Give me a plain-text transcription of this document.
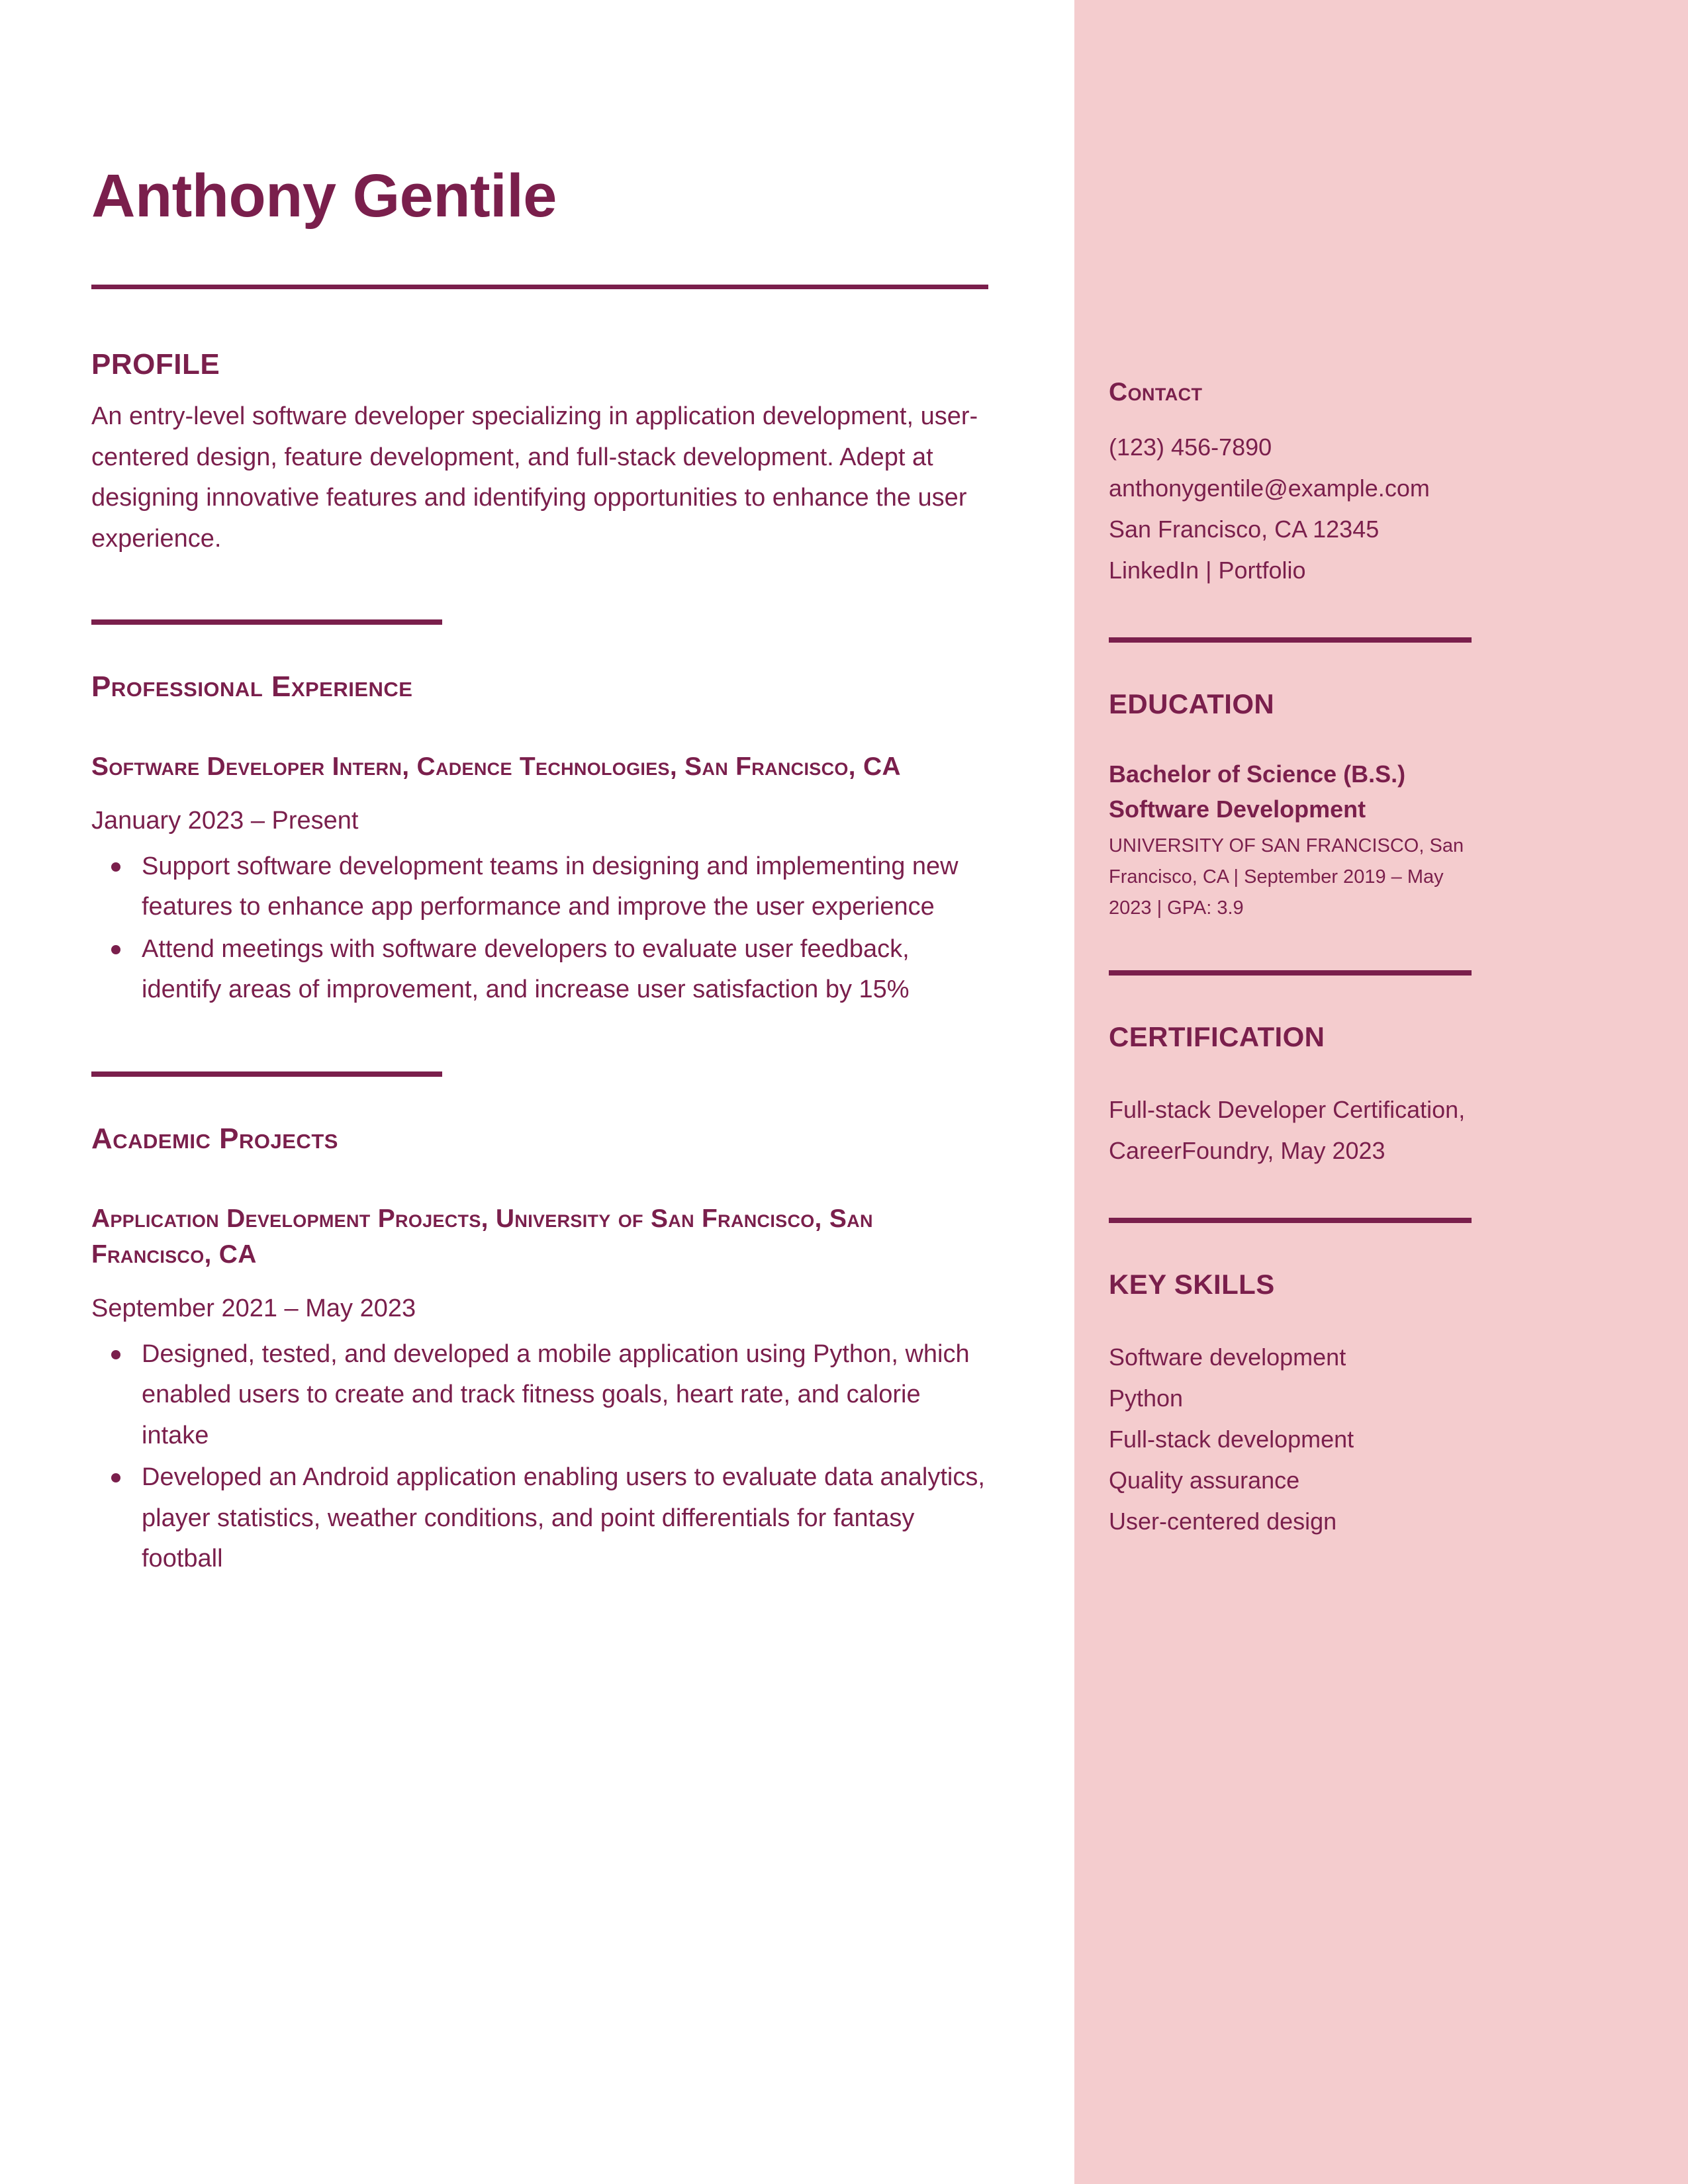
Anthony Gentile
PROFILE

An entry-level software developer specializing in application development, user-centered design, feature development, and full-stack development. Adept at designing innovative features and identifying opportunities to enhance the user experience.

Professional Experience

Software Developer Intern, Cadence Technologies, San Francisco, CA

January 2023 – Present

Support software development teams in designing and implementing new features to enhance app performance and improve the user experience
Attend meetings with software developers to evaluate user feedback, identify areas of improvement, and increase user satisfaction by 15%
Academic Projects

Application Development Projects, University of San Francisco, San Francisco, CA

September 2021 – May 2023

Designed, tested, and developed a mobile application using Python, which enabled users to create and track fitness goals, heart rate, and calorie intake
Developed an Android application enabling users to evaluate data analytics, player statistics, weather conditions, and point differentials for fantasy football
Contact

(123) 456-7890

anthonygentile@example.com

San Francisco, CA 12345

LinkedIn | Portfolio

EDUCATION

Bachelor of Science (B.S.) Software Development

UNIVERSITY OF SAN FRANCISCO, San Francisco, CA | September 2019 – May 2023 | GPA: 3.9

CERTIFICATION

Full-stack Developer Certification, CareerFoundry, May 2023

KEY SKILLS

Software development

Python

Full-stack development

Quality assurance

User-centered design
